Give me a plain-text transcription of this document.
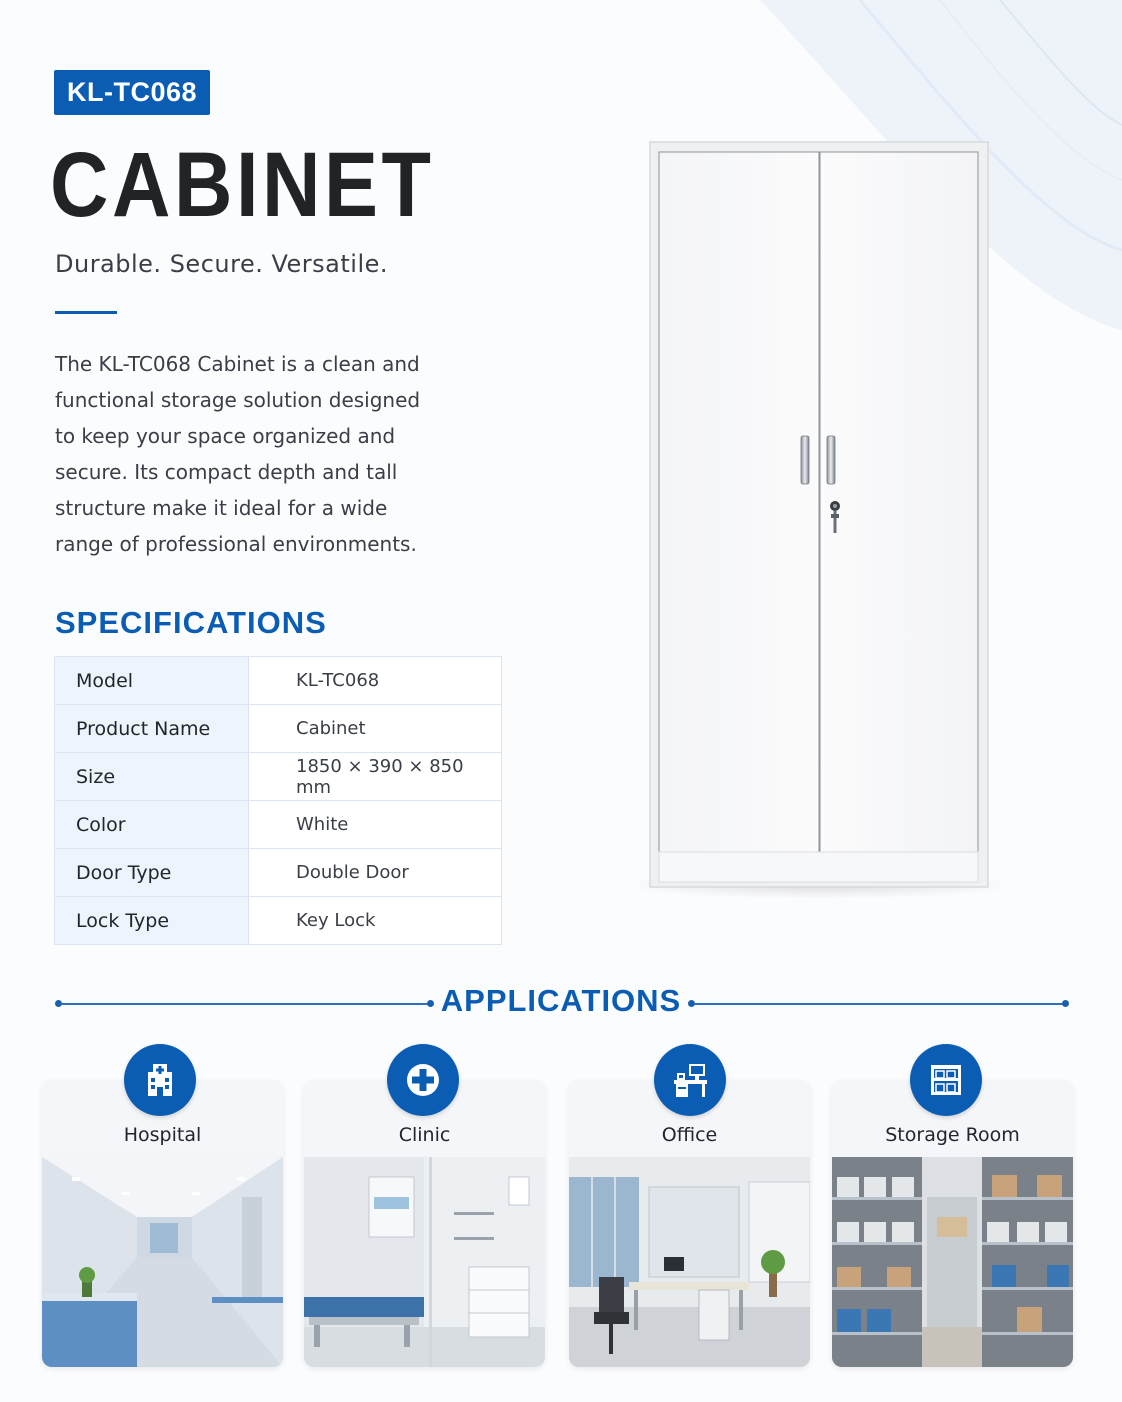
KL-TC068
CABINET
Durable. Secure. Versatile.
The KL-TC068 Cabinet is a clean and functional storage solution designed to keep your space organized and secure. Its compact depth and tall structure make it ideal for a wide range of professional environments.
SPECIFICATIONS
Model	KL-TC068
Product Name	Cabinet
Size	1850 × 390 × 850 mm
Color	White
Door Type	Double Door
Lock Type	Key Lock
APPLICATIONS
Hospital	Clinic	Office	Storage Room
